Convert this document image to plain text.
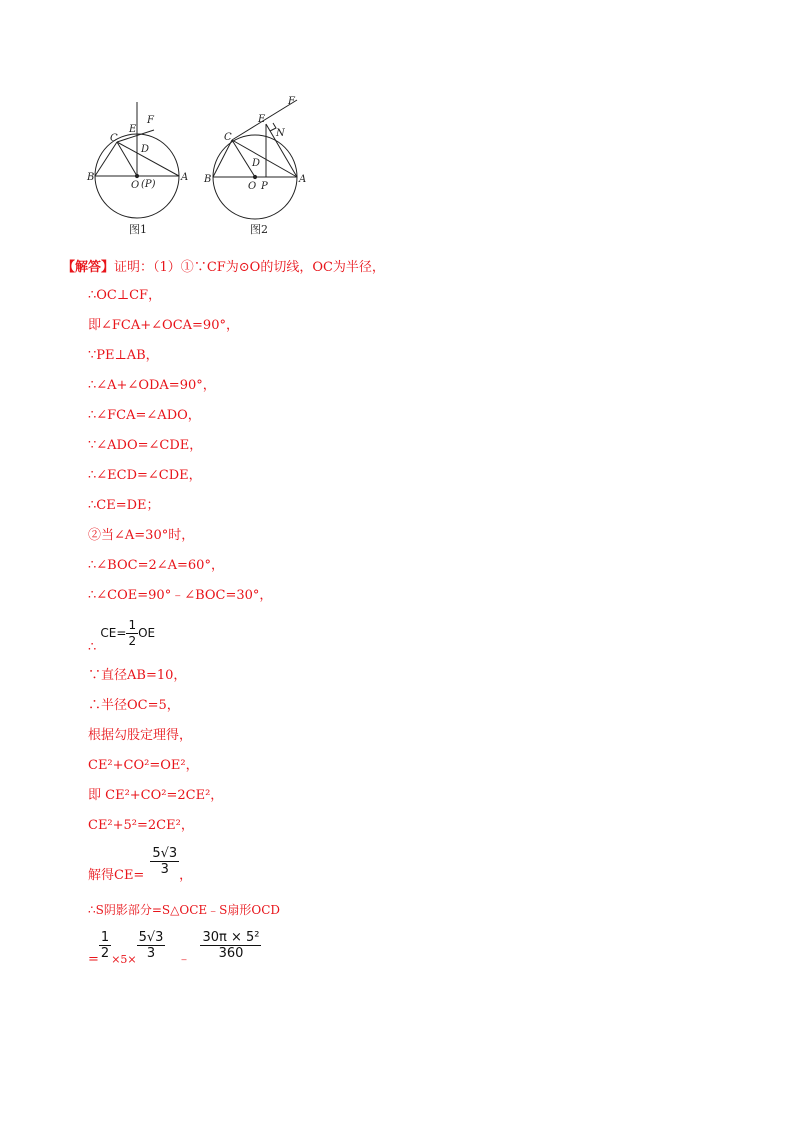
C
E
F
D
B
O (P)
A
F
E
N
C
D
B
O P
A
图1	图2
【解答】证明：（1）①∵CF为⊙O的切线，OC为半径，
∴OC⊥CF，
即∠FCA+∠OCA=90°，
∵PE⊥AB，
∴∠A+∠ODA=90°，
∴∠FCA=∠ADO，
∵∠ADO=∠CDE，
∴∠ECD=∠CDE，
∴CE=DE；
②当∠A=30°时，
∴∠BOC=2∠A=60°，
∴∠COE=90°﹣∠BOC=30°，
∴ $CE= \frac{1}{2}$ OE
∵直径AB=10，
∴半径OC=5，
根据勾股定理得，
CE²+CO²=OE²，
即 CE²+CO²=2CE²，
CE²+5²=2CE²，
解得$CE= \frac{5√3}{3}$ ，
∴S阴影部分=S△OCE﹣S扇形OCD
= $\frac{1}{2} _{\times 5\times} \frac{5√3}{3}$ ﹣ $\frac{\text{30π × 5²}}{360}$
